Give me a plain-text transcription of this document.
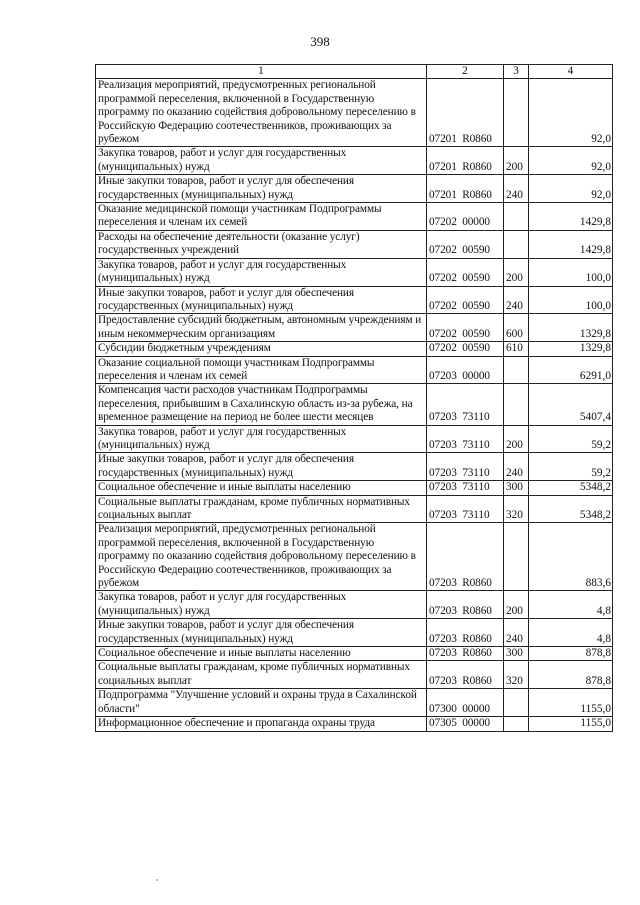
398
1	2	3	4
Реализация мероприятий, предусмотренных региональной программой переселения, включенной в Государственную программу по оказанию содействия добровольному переселению в Российскую Федерацию соотечественников, проживающих за рубежом	07201  R0860		92,0
Закупка товаров, работ и услуг для государственных (муниципальных) нужд	07201  R0860	200	92,0
Иные закупки товаров, работ и услуг для обеспечения государственных (муниципальных) нужд	07201  R0860	240	92,0
Оказание медицинской помощи участникам Подпрограммы переселения и членам их семей	07202  00000		1429,8
Расходы на обеспечение деятельности (оказание услуг) государственных учреждений	07202  00590		1429,8
Закупка товаров, работ и услуг для государственных (муниципальных) нужд	07202  00590	200	100,0
Иные закупки товаров, работ и услуг для обеспечения государственных (муниципальных) нужд	07202  00590	240	100,0
Предоставление субсидий бюджетным, автономным учреждениям и иным некоммерческим организациям	07202  00590	600	1329,8
Субсидии бюджетным учреждениям	07202  00590	610	1329,8
Оказание социальной помощи участникам Подпрограммы переселения и членам их семей	07203  00000		6291,0
Компенсация части расходов участникам Подпрограммы переселения, прибывшим в Сахалинскую область из-за рубежа, на временное размещение на период не более шести месяцев	07203  73110		5407,4
Закупка товаров, работ и услуг для государственных (муниципальных) нужд	07203  73110	200	59,2
Иные закупки товаров, работ и услуг для обеспечения государственных (муниципальных) нужд	07203  73110	240	59,2
Социальное обеспечение и иные выплаты населению	07203  73110	300	5348,2
Социальные выплаты гражданам, кроме публичных нормативных социальных выплат	07203  73110	320	5348,2
Реализация мероприятий, предусмотренных региональной программой переселения, включенной в Государственную программу по оказанию содействия добровольному переселению в Российскую Федерацию соотечественников, проживающих за рубежом	07203  R0860		883,6
Закупка товаров, работ и услуг для государственных (муниципальных) нужд	07203  R0860	200	4,8
Иные закупки товаров, работ и услуг для обеспечения государственных (муниципальных) нужд	07203  R0860	240	4,8
Социальное обеспечение и иные выплаты населению	07203  R0860	300	878,8
Социальные выплаты гражданам, кроме публичных нормативных социальных выплат	07203  R0860	320	878,8
Подпрограмма "Улучшение условий и охраны труда в Сахалинской области"	07300  00000		1155,0
Информационное обеспечение и пропаганда охраны труда	07305  00000		1155,0
